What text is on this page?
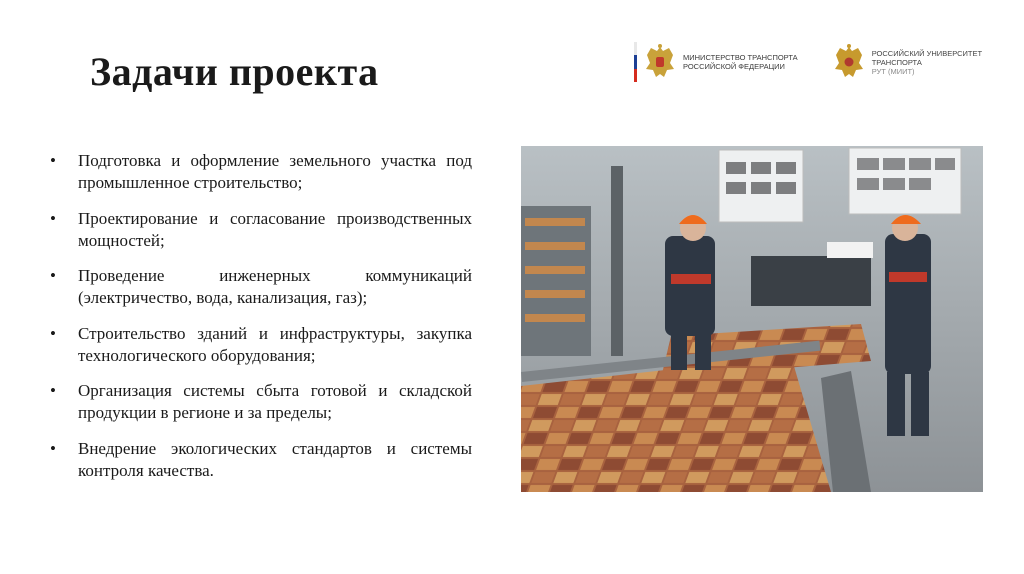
Задачи проекта	МИНИСТЕРСТВО ТРАНСПОРТА
РОССИЙСКОЙ ФЕДЕРАЦИИ
РОССИЙСКИЙ УНИВЕРСИТЕТ
ТРАНСПОРТА
РУТ (МИИТ)
• Подготовка и оформление земельного участка под промышленное строительство;
• Проектирование и согласование производственных мощностей;
• Проведение инженерных коммуникаций (электричество, вода, канализация, газ);
• Строительство зданий и инфраструктуры, закупка технологического оборудования;
• Организация системы сбыта готовой и складской продукции в регионе и за пределы;
• Внедрение экологических стандартов и системы контроля качества.
